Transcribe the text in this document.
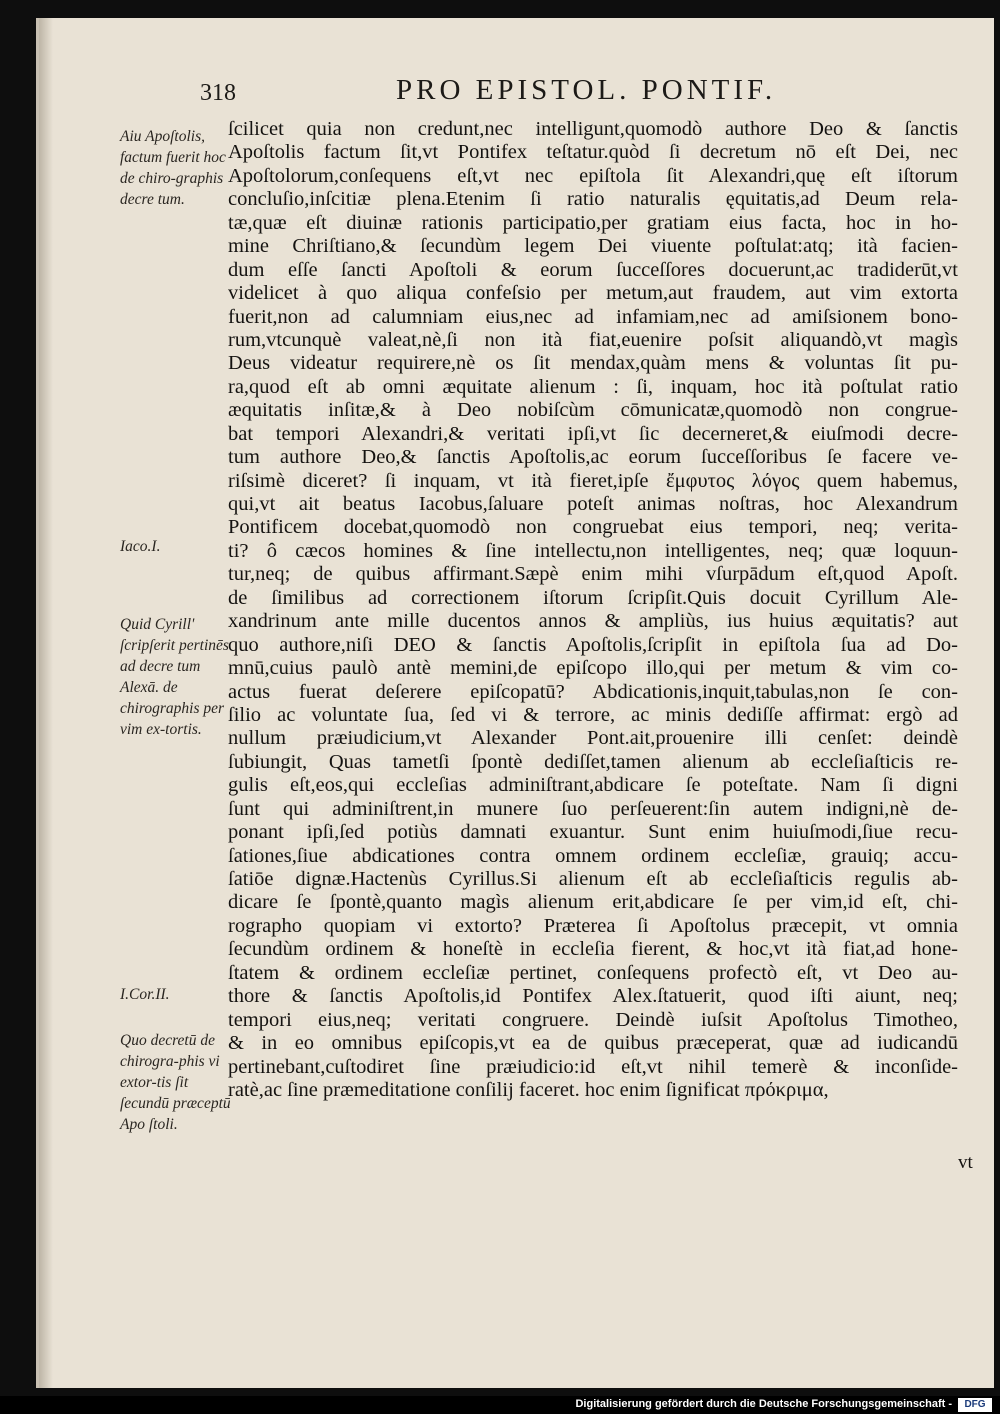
318	PRO EPISTOL. PONTIF.
Aiu Apoſtolis, factum fuerit hoc de chiro-graphis decre tum.
Iaco.I.
Quid Cyrill' ſcripſerit pertinēs ad decre tum Alexā. de chirographis per vim ex-tortis.
I.Cor.II.
Quo decretū de chirogra-phis vi extor-tis ſit ſecundū præceptū Apo ſtoli.
ſcilicet quia non credunt,nec intelligunt,quomodò authore Deo & ſanctis
Apoſtolis factum ſit,vt Pontifex teſtatur.quòd ſi decretum nō eſt Dei, nec
Apoſtolorum,conſequens eſt,vt nec epiſtola ſit Alexandri,quę eſt iſtorum
concluſio,inſcitiæ plena.Etenim ſi ratio naturalis ęquitatis,ad Deum rela-
tæ,quæ eſt diuinæ rationis participatio,per gratiam eius facta, hoc in ho-
mine Chriſtiano,& ſecundùm legem Dei viuente poſtulat:atq; ità facien-
dum eſſe ſancti Apoſtoli & eorum ſucceſſores docuerunt,ac tradiderūt,vt
videlicet à quo aliqua confeſsio per metum,aut fraudem, aut vim extorta
fuerit,non ad calumniam eius,nec ad infamiam,nec ad amiſsionem bono-
rum,vtcunquè valeat,nè,ſi non ità fiat,euenire poſsit aliquandò,vt magìs
Deus videatur requirere,nè os ſit mendax,quàm mens & voluntas ſit pu-
ra,quod eſt ab omni æquitate alienum : ſi, inquam, hoc ità poſtulat ratio
æquitatis inſitæ,& à Deo nobiſcùm cōmunicatæ,quomodò non congrue-
bat tempori Alexandri,& veritati ipſi,vt ſic decerneret,& eiuſmodi decre-
tum authore Deo,& ſanctis Apoſtolis,ac eorum ſucceſſoribus ſe facere ve-
riſsimè diceret? ſi inquam, vt ità fieret,ipſe ἔμφυτος λόγος quem habemus,
qui,vt ait beatus Iacobus,ſaluare poteſt animas noſtras, hoc Alexandrum
Pontificem docebat,quomodò non congruebat eius tempori, neq; verita-
ti? ô cæcos homines & ſine intellectu,non intelligentes, neq; quæ loquun-
tur,neq; de quibus affirmant.Sæpè enim mihi vſurpādum eſt,quod Apoſt.
de ſimilibus ad correctionem iſtorum ſcripſit.Quis docuit Cyrillum Ale-
xandrinum ante mille ducentos annos & ampliùs, ius huius æquitatis? aut
quo authore,niſi DEO & ſanctis Apoſtolis,ſcripſit in epiſtola ſua ad Do-
mnū,cuius paulò antè memini,de epiſcopo illo,qui per metum & vim co-
actus fuerat deſerere epiſcopatū? Abdicationis,inquit,tabulas,non ſe con-
ſilio ac voluntate ſua, ſed vi & terrore, ac minis dediſſe affirmat: ergò ad
nullum præiudicium,vt Alexander Pont.ait,prouenire illi cenſet: deindè
ſubiungit, Quas tametſi ſpontè dediſſet,tamen alienum ab eccleſiaſticis re-
gulis eſt,eos,qui eccleſias adminiſtrant,abdicare ſe poteſtate. Nam ſi digni
ſunt qui adminiſtrent,in munere ſuo perſeuerent:ſin autem indigni,nè de-
ponant ipſi,ſed potiùs damnati exuantur. Sunt enim huiuſmodi,ſiue recu-
ſationes,ſiue abdicationes contra omnem ordinem eccleſiæ, grauiq; accu-
ſatiōe dignæ.Hactenùs Cyrillus.Si alienum eſt ab eccleſiaſticis regulis ab-
dicare ſe ſpontè,quanto magìs alienum erit,abdicare ſe per vim,id eſt, chi-
rographo quopiam vi extorto? Præterea ſi Apoſtolus præcepit, vt omnia
ſecundùm ordinem & honeſtè in eccleſia fierent, & hoc,vt ità fiat,ad hone-
ſtatem & ordinem eccleſiæ pertinet, conſequens profectò eſt, vt Deo au-
thore & ſanctis Apoſtolis,id Pontifex Alex.ſtatuerit, quod iſti aiunt, neq;
tempori eius,neq; veritati congruere. Deindè iuſsit Apoſtolus Timotheo,
& in eo omnibus epiſcopis,vt ea de quibus præceperat, quæ ad iudicandū
pertinebant,cuſtodiret ſine præiudicio:id eſt,vt nihil temerè & inconſide-
ratè,ac ſine præmeditatione conſilij faceret. hoc enim ſignificat πρόκριμα,
vt
Digitalisierung gefördert durch die Deutsche Forschungsgemeinschaft -	DFG
